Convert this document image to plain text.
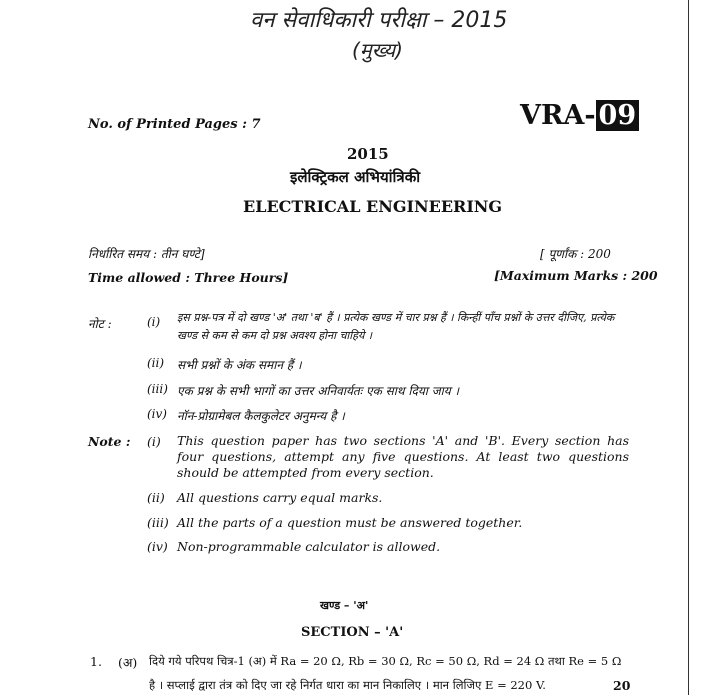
वन सेवाधिकारी परीक्षा – 2015
(मुख्य)
No. of Printed Pages : 7	VRA- 09
2015
इलेक्ट्रिकल अभियांत्रिकी
ELECTRICAL ENGINEERING
निर्धारित समय : तीन घण्टे]	[ पूर्णांक : 200
Time allowed : Three Hours]	[Maximum Marks : 200
नोट :	(i) इस प्रश्न-पत्र में दो खण्ड 'अ' तथा 'ब' हैं । प्रत्येक खण्ड में चार प्रश्न हैं । किन्हीं पाँच प्रश्नों के उत्तर दीजिए, प्रत्येक खण्ड से कम से कम दो प्रश्न अवश्य होना चाहिये ।
(ii) सभी प्रश्नों के अंक समान हैं ।
(iii) एक प्रश्न के सभी भागों का उत्तर अनिवार्यतः एक साथ दिया जाय ।
(iv) नॉन-प्रोग्रामेबल कैलकुलेटर अनुमन्य है ।
Note : (i) This question paper has two sections 'A' and 'B'. Every section has four questions, attempt any five questions. At least two questions should be attempted from every section.
(ii) All questions carry equal marks.
(iii) All the parts of a question must be answered together.
(iv) Non-programmable calculator is allowed.
खण्ड – 'अ'
SECTION – 'A'
1. (अ) दिये गये परिपथ चित्र-1 (अ) में Ra = 20 Ω, Rb = 30 Ω, Rc = 50 Ω, Rd = 24 Ω तथा Re = 5 Ω
है । सप्लाई द्वारा तंत्र को दिए जा रहे निर्गत धारा का मान निकालिए । मान लिजिए E = 220 V.	20
